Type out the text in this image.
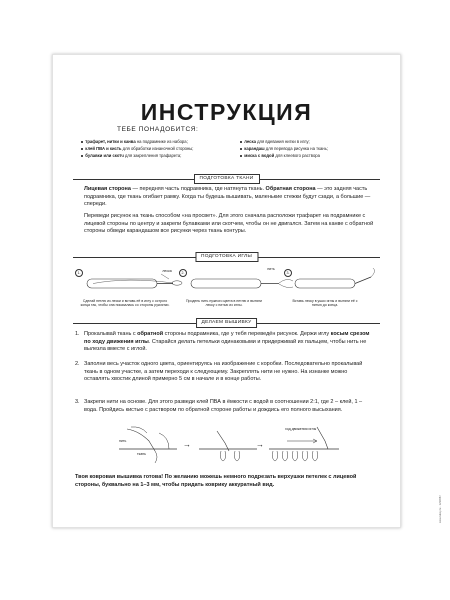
ИНСТРУКЦИЯ
ТЕБЕ ПОНАДОБИТСЯ:
трафарет, нитки и канва на подрамнике из набора;
клей ПВА и кисть для обработки изнаночной стороны;
булавки или скотч для закрепления трафарета;
леска для вдевания нитки в иглу;
карандаш для перевода рисунка на ткань;
миска с водой для клеевого раствора
ПОДГОТОВКА ТКАНИ
Лицевая сторона — передняя часть подрамника, где натянута ткань. Обратная сторона — это задняя часть подрамника, где ткань огибает рамку. Когда ты будешь вышивать, маленькие стежки будут сзади, а большие — спереди.
Переведи рисунок на ткань способом «на просвет». Для этого сначала расположи трафарет на подрамнике с лицевой стороны по центру и закрепи булавками или скотчем, чтобы он не двигался. Затем на канве с обратной стороны обведи карандашом все рисунки через ткань контуры.
ПОДГОТОВКА ИГЛЫ
1.	2.	3.
леска	нить
Сделай петлю из лески и вставь её в иглу с острого конца так, чтобы она показалась со стороны рукоятки.
Продень нить нужного цвета в петлю и вытяни леску с нитью из иглы.
Вставь леску в ушко иглы и вытяни её с нитью до конца.
ДЕЛАЕМ ВЫШИВКУ
1. Прокалывай ткань с обратной стороны подрамника, где у тебя переведён рисунок. Держи иглу косым срезом по ходу движения иглы. Старайся делать петельки одинаковыми и придерживай их пальцем, чтобы нить не вылезла вместе с иглой.
2. Заполни весь участок одного цвета, ориентируясь на изображение с коробки. Последовательно прокалывай ткань в одном участке, а затем переходи к следующему. Закреплять нити не нужно. На изнанке можно оставлять хвостик длиной примерно 5 см в начале и в конце работы.
3. Закрепи нити на основе. Для этого разведи клей ПВА в ёмкости с водой в соотношении 2:1, где 2 – клей, 1 – вода. Пройдись кистью с раствором по обратной стороне работы и дождись его полного высыхания.
→	→
нить
ткань
ход движения иглы
Твоя ковровая вышивка готова! По желанию можешь немного подрезать верхушки петелек с лицевой стороны, буквально на 1–3 мм, чтобы придать коврику аккуратный вид.
www.rukoy.ru · 1234567
